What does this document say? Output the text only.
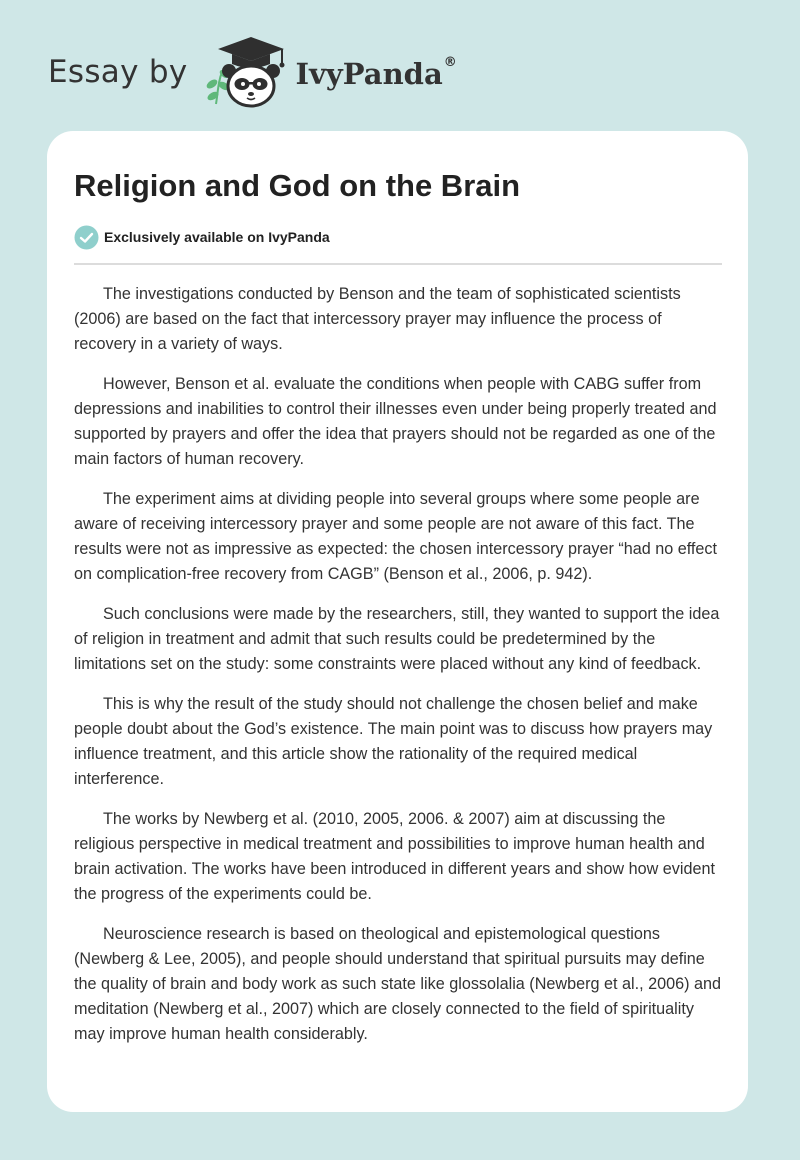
Essay by	IvyPanda®
Religion and God on the Brain
Exclusively available on IvyPanda

The investigations conducted by Benson and the team of sophisticated scientists (2006) are based on the fact that intercessory prayer may influence the process of recovery in a variety of ways.

However, Benson et al. evaluate the conditions when people with CABG suffer from depressions and inabilities to control their illnesses even under being properly treated and supported by prayers and offer the idea that prayers should not be regarded as one of the main factors of human recovery.

The experiment aims at dividing people into several groups where some people are aware of receiving intercessory prayer and some people are not aware of this fact. The results were not as impressive as expected: the chosen intercessory prayer “had no effect on complication-free recovery from CAGB” (Benson et al., 2006, p. 942).

Such conclusions were made by the researchers, still, they wanted to support the idea of religion in treatment and admit that such results could be predetermined by the limitations set on the study: some constraints were placed without any kind of feedback.

This is why the result of the study should not challenge the chosen belief and make people doubt about the God’s existence. The main point was to discuss how prayers may influence treatment, and this article show the rationality of the required medical interference.

The works by Newberg et al. (2010, 2005, 2006. & 2007) aim at discussing the religious perspective in medical treatment and possibilities to improve human health and brain activation. The works have been introduced in different years and show how evident the progress of the experiments could be.

Neuroscience research is based on theological and epistemological questions (Newberg & Lee, 2005), and people should understand that spiritual pursuits may define the quality of brain and body work as such state like glossolalia (Newberg et al., 2006) and meditation (Newberg et al., 2007) which are closely connected to the field of spirituality may improve human health considerably.
